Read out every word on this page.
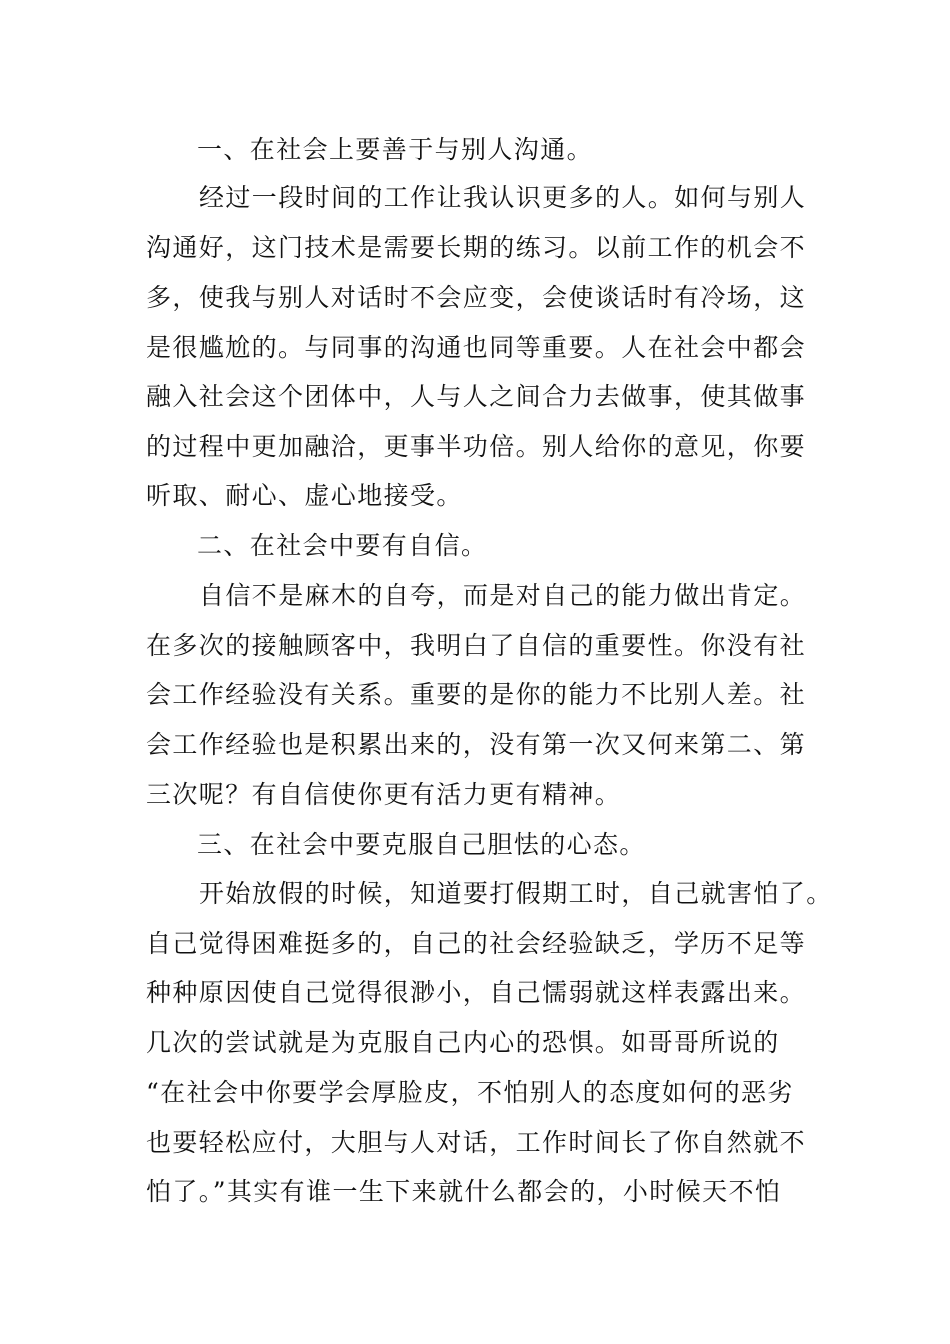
一、在社会上要善于与别人沟通。
经过一段时间的工作让我认识更多的人。如何与别人
沟通好，这门技术是需要长期的练习。以前工作的机会不
多，使我与别人对话时不会应变，会使谈话时有冷场，这
是很尴尬的。与同事的沟通也同等重要。人在社会中都会
融入社会这个团体中，人与人之间合力去做事，使其做事
的过程中更加融洽，更事半功倍。别人给你的意见，你要
听取、耐心、虚心地接受。
二、在社会中要有自信。
自信不是麻木的自夸，而是对自己的能力做出肯定。
在多次的接触顾客中，我明白了自信的重要性。你没有社
会工作经验没有关系。重要的是你的能力不比别人差。社
会工作经验也是积累出来的，没有第一次又何来第二、第
三次呢？有自信使你更有活力更有精神。
三、在社会中要克服自己胆怯的心态。
开始放假的时候，知道要打假期工时，自己就害怕了。
自己觉得困难挺多的，自己的社会经验缺乏，学历不足等
种种原因使自己觉得很渺小，自己懦弱就这样表露出来。
几次的尝试就是为克服自己内心的恐惧。如哥哥所说的
“在社会中你要学会厚脸皮，不怕别人的态度如何的恶劣
也要轻松应付，大胆与人对话，工作时间长了你自然就不
怕了。”其实有谁一生下来就什么都会的，小时候天不怕
